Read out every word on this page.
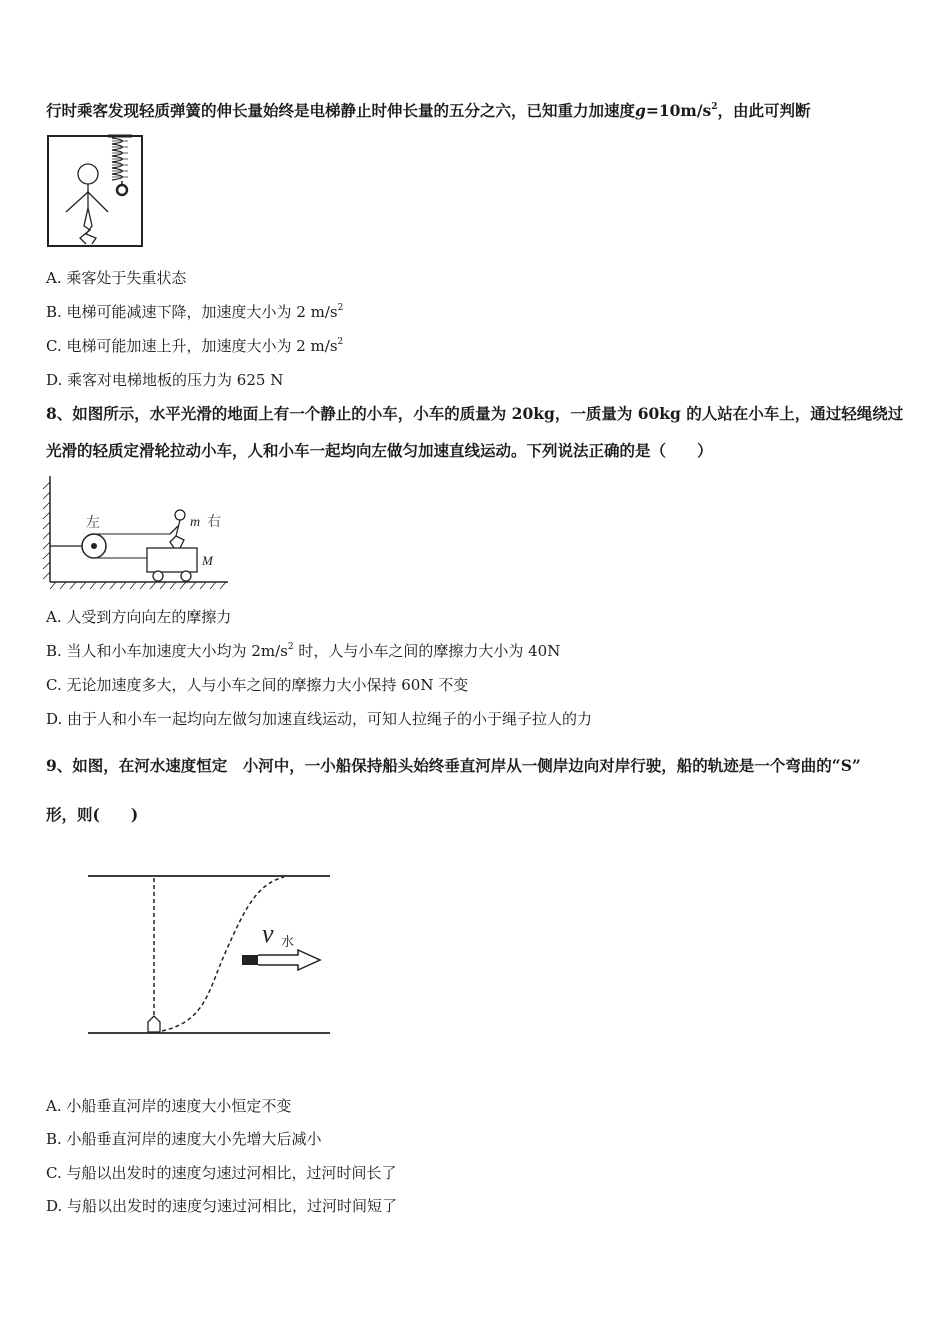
行时乘客发现轻质弹簧的伸长量始终是电梯静止时伸长量的五分之六，已知重力加速度$g=10m/s^2$，由此可判断
A. 乘客处于失重状态
B. 电梯可能减速下降，加速度大小为 2 $m/s^2$
C. 电梯可能加速上升，加速度大小为 2 $m/s^2$
D. 乘客对电梯地板的压力为 625 N
8、如图所示，水平光滑的地面上有一个静止的小车，小车的质量为 20kg，一质量为 60kg 的人站在小车上，通过轻绳绕过
光滑的轻质定滑轮拉动小车，人和小车一起均向左做匀加速直线运动。下列说法正确的是（　　）
左	m 右
M
A. 人受到方向向左的摩擦力
B. 当人和小车加速度大小均为 $2m/s^2$ 时，人与小车之间的摩擦力大小为 40N
C. 无论加速度多大，人与小车之间的摩擦力大小保持 60N 不变
D. 由于人和小车一起均向左做匀加速直线运动，可知人拉绳子的小于绳子拉人的力
9、如图，在河水速度恒定　小河中，一小船保持船头始终垂直河岸从一侧岸边向对岸行驶，船的轨迹是一个弯曲的“S”
形，则(　　)
v 水
A. 小船垂直河岸的速度大小恒定不变
B. 小船垂直河岸的速度大小先增大后减小
C. 与船以出发时的速度匀速过河相比，过河时间长了
D. 与船以出发时的速度匀速过河相比，过河时间短了
